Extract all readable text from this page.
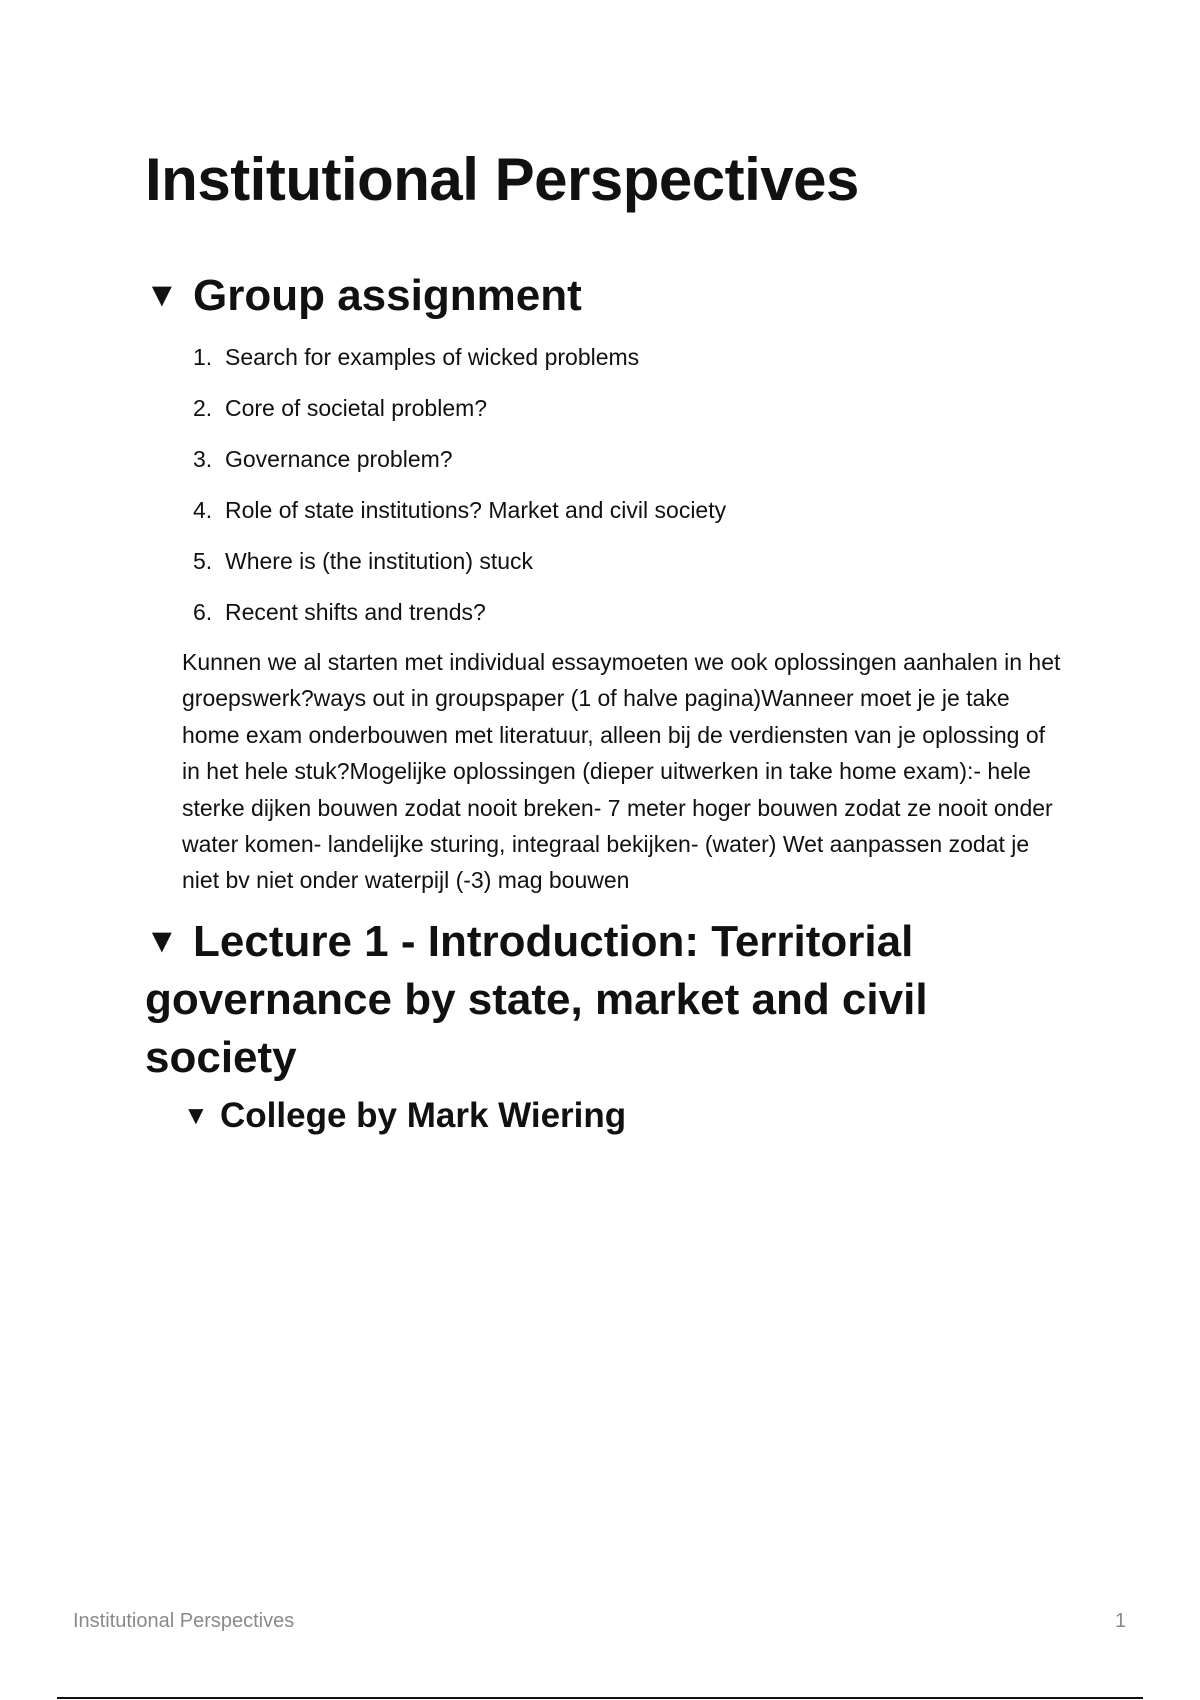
Institutional Perspectives
▼ Group assignment
1. Search for examples of wicked problems
2. Core of societal problem?
3. Governance problem?
4. Role of state institutions? Market and civil society
5. Where is (the institution) stuck
6. Recent shifts and trends?

Kunnen we al starten met individual essaymoeten we ook oplossingen aanhalen in het groepswerk?ways out in groupspaper (1 of halve pagina)Wanneer moet je je take home exam onderbouwen met literatuur, alleen bij de verdiensten van je oplossing of in het hele stuk?Mogelijke oplossingen (dieper uitwerken in take home exam):- hele sterke dijken bouwen zodat nooit breken- 7 meter hoger bouwen zodat ze nooit onder water komen- landelijke sturing, integraal bekijken- (water) Wet aanpassen zodat je niet bv niet onder waterpijl (-3) mag bouwen

▼ Lecture 1 - Introduction: Territorial governance by state, market and civil society
▼ College by Mark Wiering
Institutional Perspectives	1
